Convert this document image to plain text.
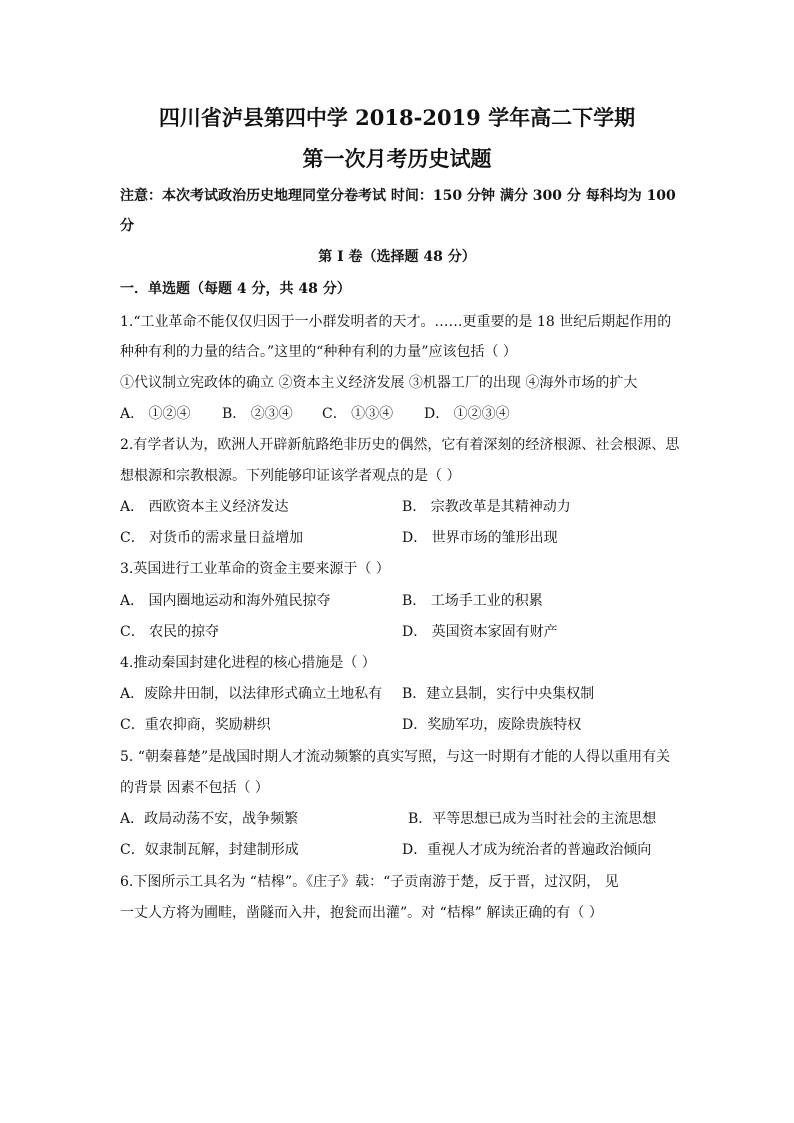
四川省泸县第四中学 2018-2019 学年高二下学期
第一次月考历史试题
注意：本次考试政治历史地理同堂分卷考试 时间：150 分钟 满分 300 分 每科均为 100
分
第 I 卷（选择题 48 分）
一．单选题（每题 4 分，共 48 分）
1.“工业革命不能仅仅归因于一小群发明者的天才。……更重要的是 18 世纪后期起作用的
种种有利的力量的结合。”这里的“种种有利的力量”应该包括（ ）
①代议制立宪政体的确立 ②资本主义经济发展 ③机器工厂的出现 ④海外市场的扩大
A． ①②④ B． ②③④ C． ①③④ D． ①②③④
2.有学者认为，欧洲人开辟新航路绝非历史的偶然，它有着深刻的经济根源、社会根源、思
想根源和宗教根源。下列能够印证该学者观点的是（ ）
A． 西欧资本主义经济发达	B． 宗教改革是其精神动力
C． 对货币的需求量日益增加	D． 世界市场的雏形出现
3.英国进行工业革命的资金主要来源于（ ）
A． 国内圈地运动和海外殖民掠夺	B． 工场手工业的积累
C． 农民的掠夺	D． 英国资本家固有财产
4.推动秦国封建化进程的核心措施是（ ）
A．废除井田制，以法律形式确立土地私有 B．建立县制，实行中央集权制
C．重农抑商，奖励耕织	D．奖励军功，废除贵族特权
5. “朝秦暮楚”是战国时期人才流动频繁的真实写照，与这一时期有才能的人得以重用有关
的背景 因素不包括（ ）
A．政局动荡不安，战争频繁	B．平等思想已成为当时社会的主流思想
C．奴隶制瓦解，封建制形成	D．重视人才成为统治者的普遍政治倾向
6.下图所示工具名为 “桔槔”。《庄子》载：“子贡南游于楚，反于晋，过汉阴， 见
一丈人方将为圃畦，凿隧而入井，抱瓮而出灌”。对 “桔槔” 解读正确的有（ ）
